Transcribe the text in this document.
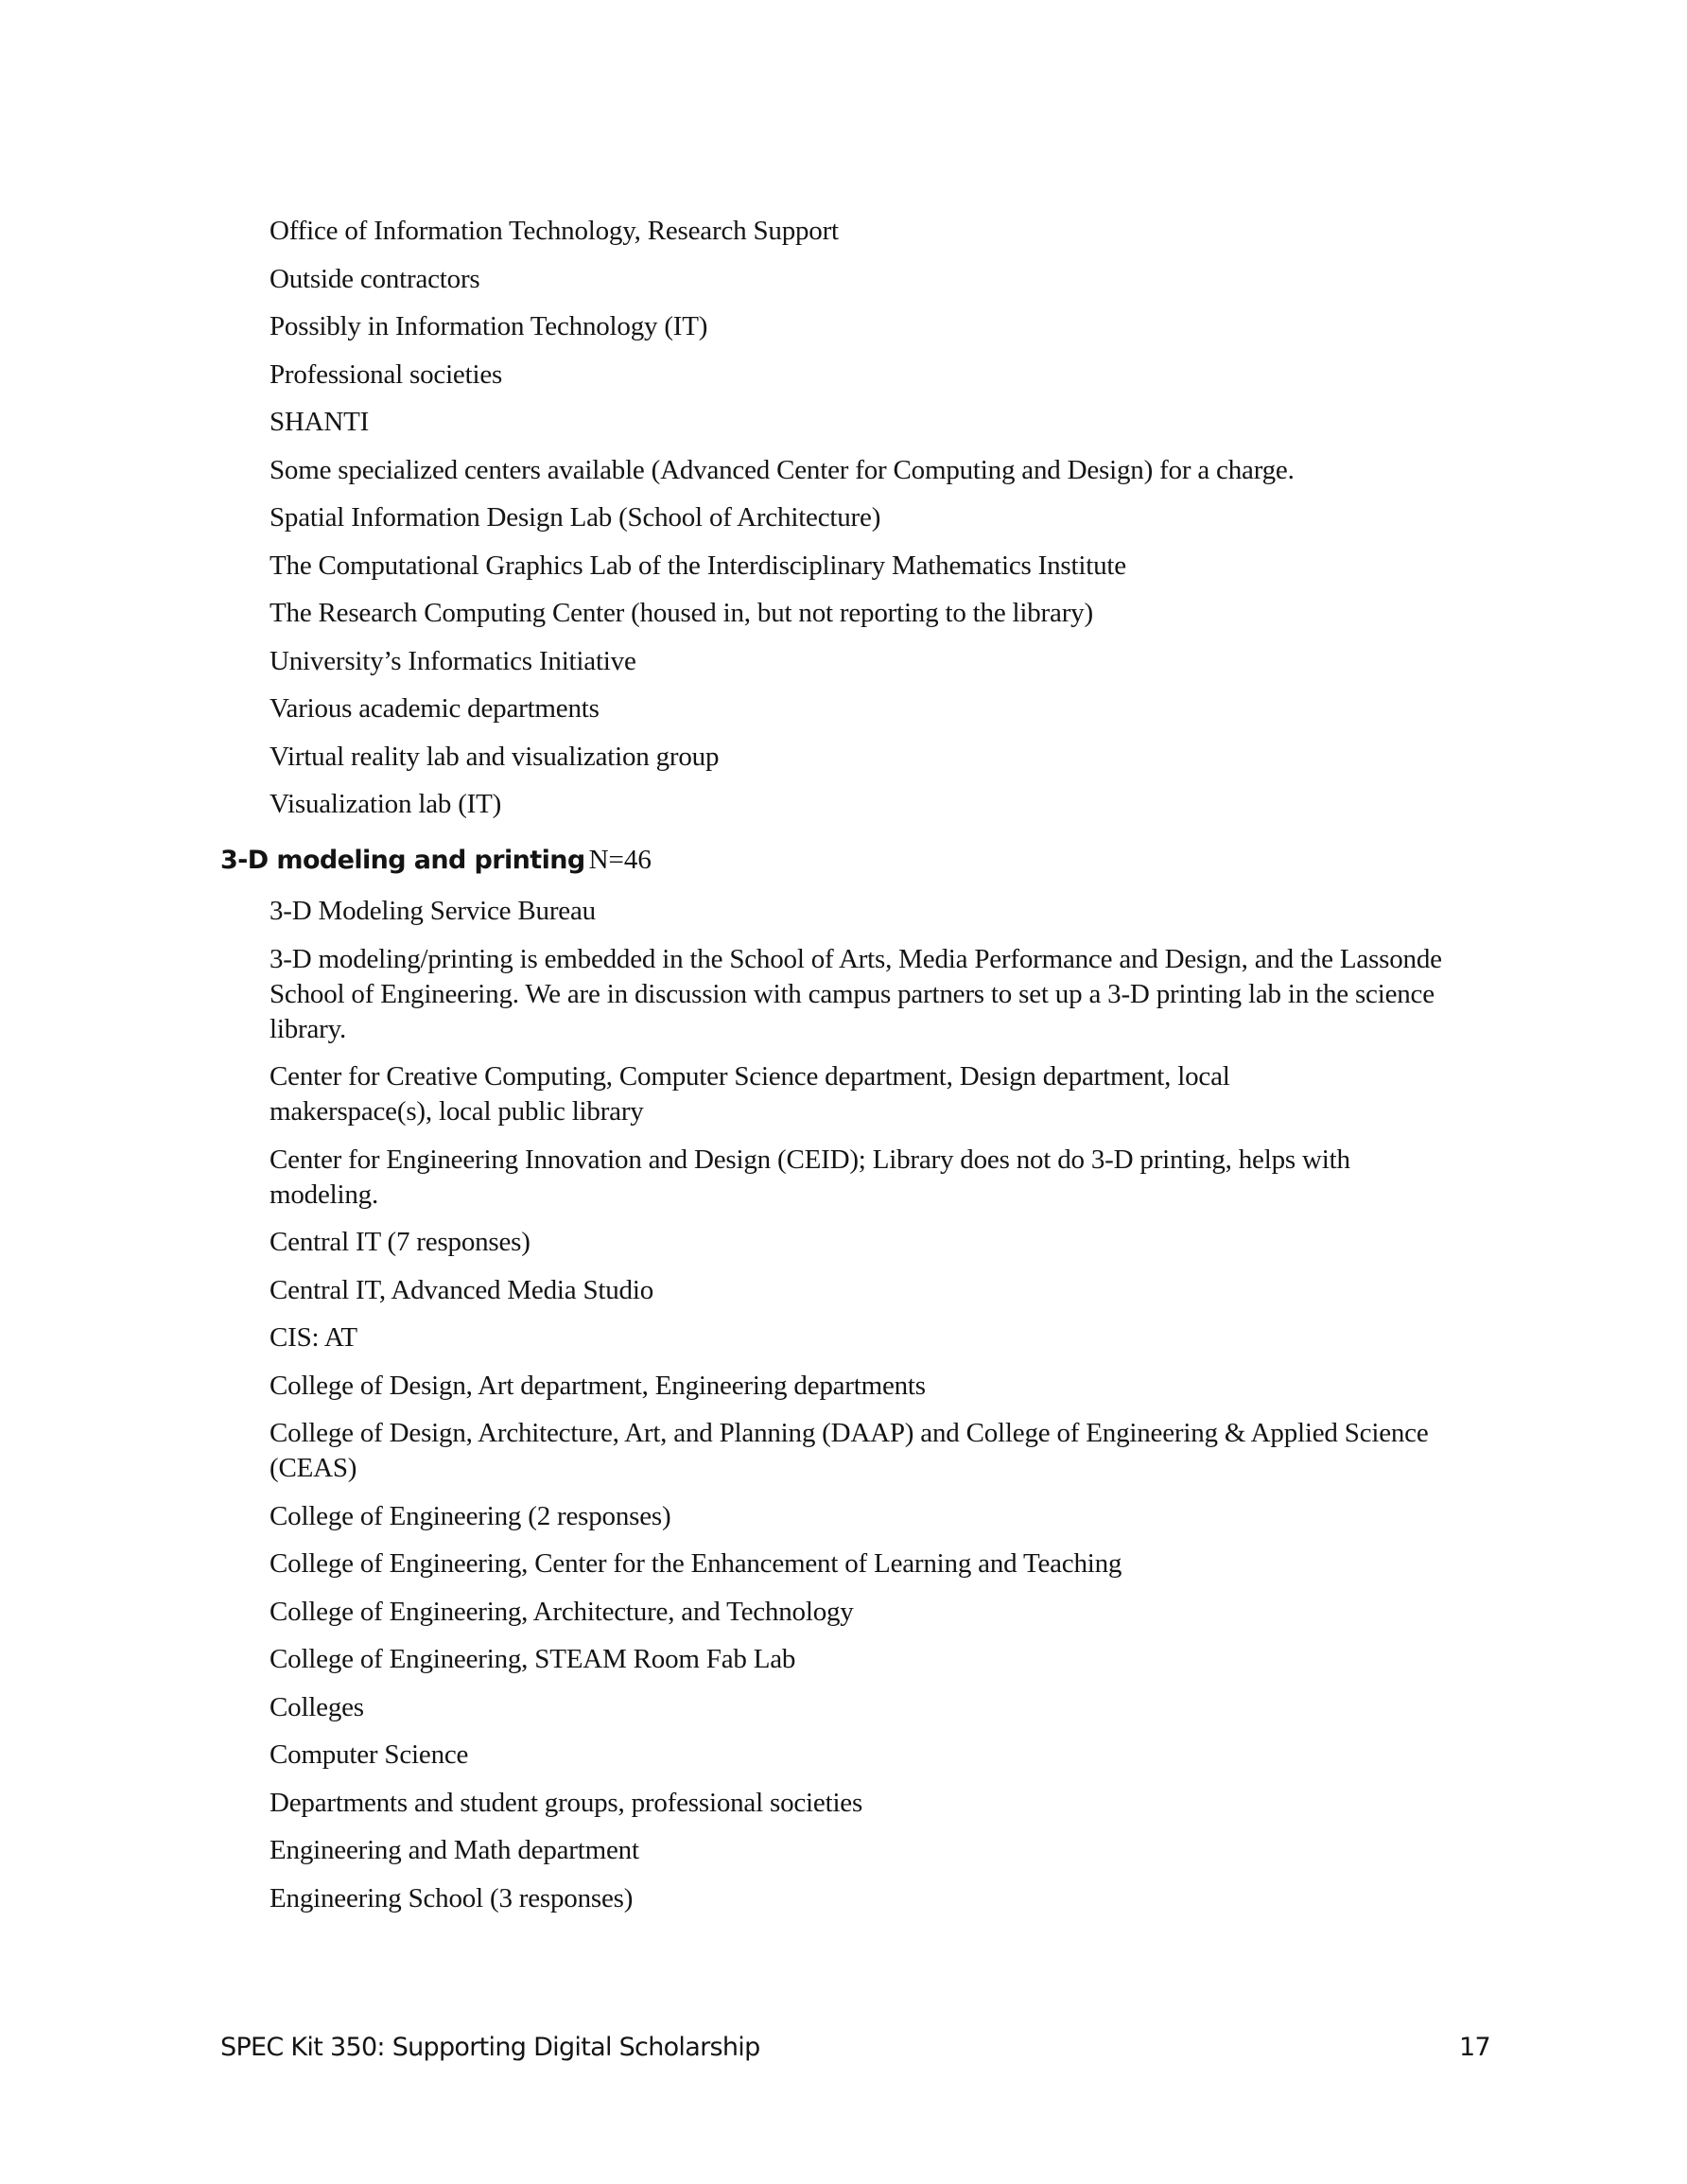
Office of Information Technology, Research Support
Outside contractors
Possibly in Information Technology (IT)
Professional societies
SHANTI
Some specialized centers available (Advanced Center for Computing and Design) for a charge.
Spatial Information Design Lab (School of Architecture)
The Computational Graphics Lab of the Interdisciplinary Mathematics Institute
The Research Computing Center (housed in, but not reporting to the library)
University’s Informatics Initiative
Various academic departments
Virtual reality lab and visualization group
Visualization lab (IT)
3-D modeling and printing N=46
3-D Modeling Service Bureau
3-D modeling/printing is embedded in the School of Arts, Media Performance and Design, and the Lassonde School of Engineering. We are in discussion with campus partners to set up a 3-D printing lab in the science library.
Center for Creative Computing, Computer Science department, Design department, local makerspace(s), local public library
Center for Engineering Innovation and Design (CEID); Library does not do 3-D printing, helps with modeling.
Central IT (7 responses)
Central IT, Advanced Media Studio
CIS: AT
College of Design, Art department, Engineering departments
College of Design, Architecture, Art, and Planning (DAAP) and College of Engineering & Applied Science (CEAS)
College of Engineering (2 responses)
College of Engineering, Center for the Enhancement of Learning and Teaching
College of Engineering, Architecture, and Technology
College of Engineering, STEAM Room Fab Lab
Colleges
Computer Science
Departments and student groups, professional societies
Engineering and Math department
Engineering School (3 responses)
SPEC Kit 350: Supporting Digital Scholarship	17
